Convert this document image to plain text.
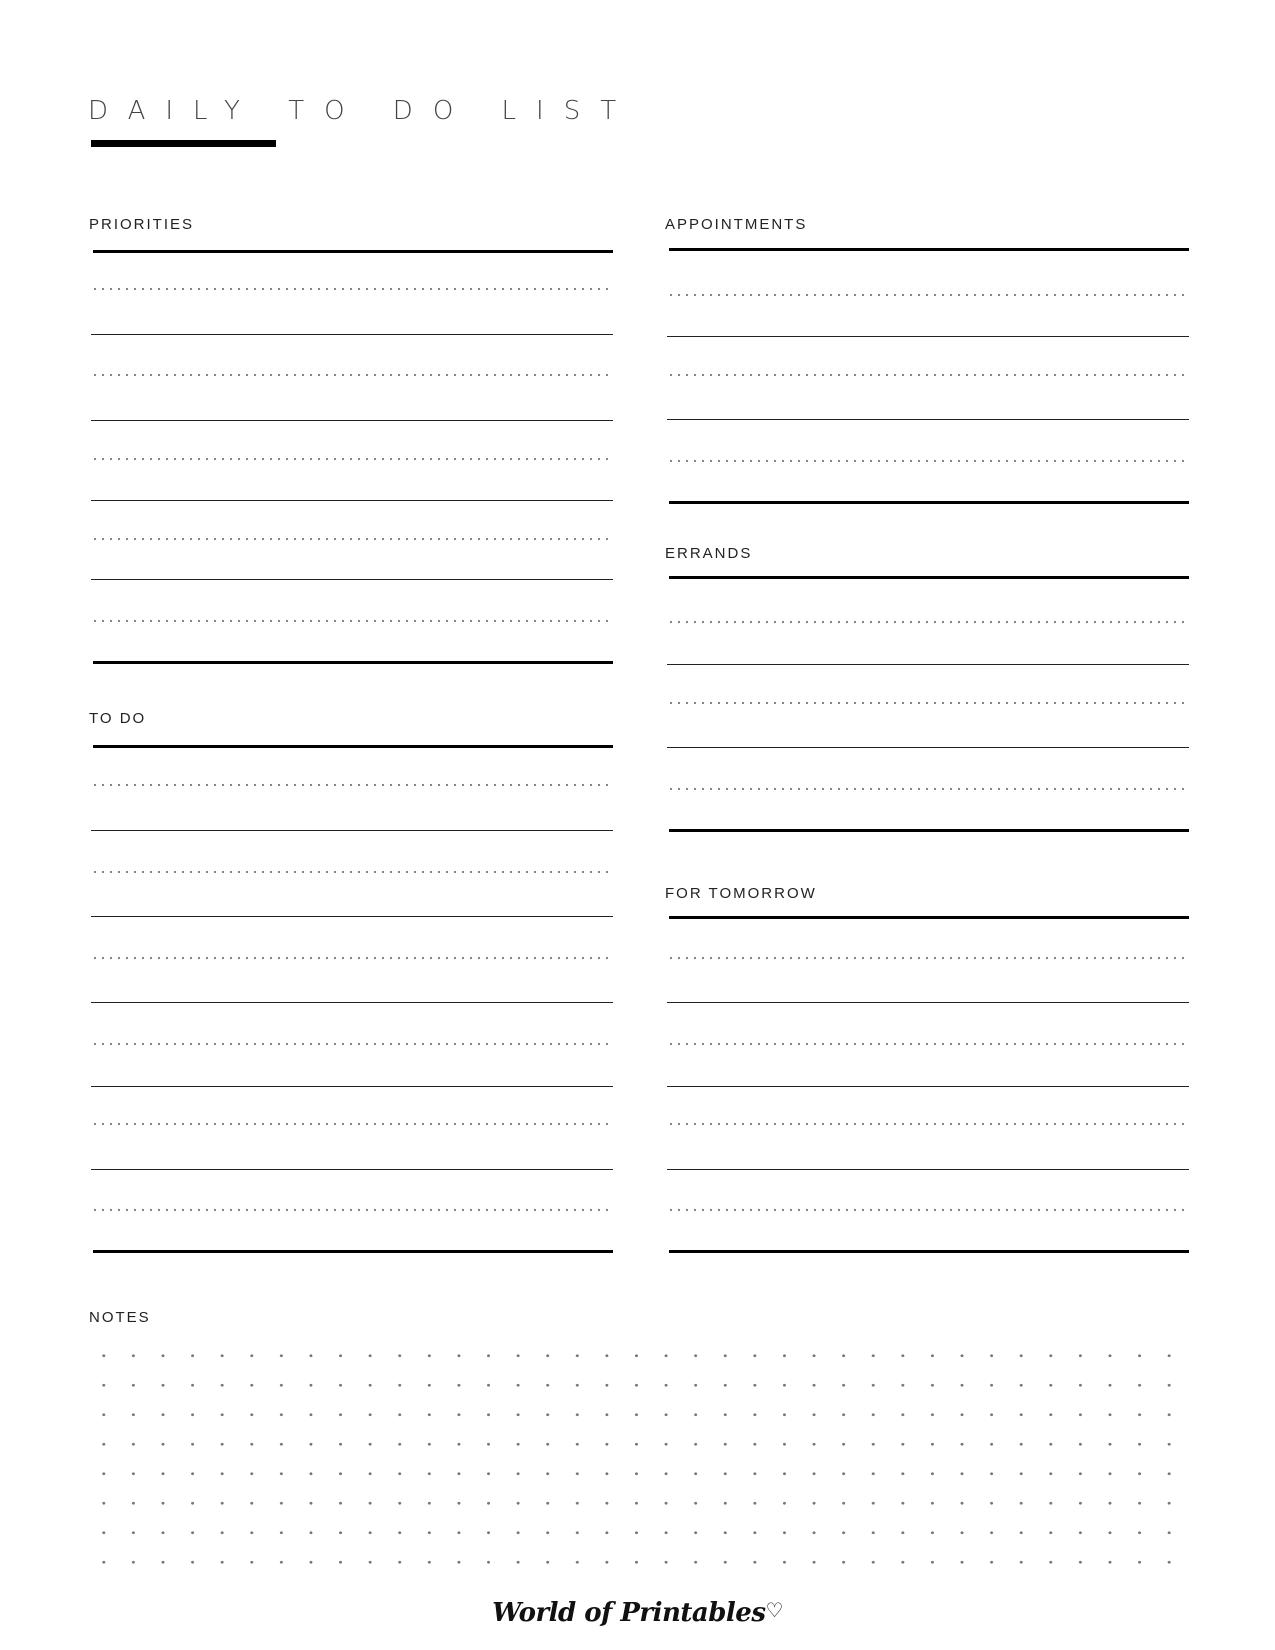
DAILY TO DO LIST
PRIORITIES
TO DO
APPOINTMENTS
ERRANDS
FOR TOMORROW
NOTES
World of Printables♡
